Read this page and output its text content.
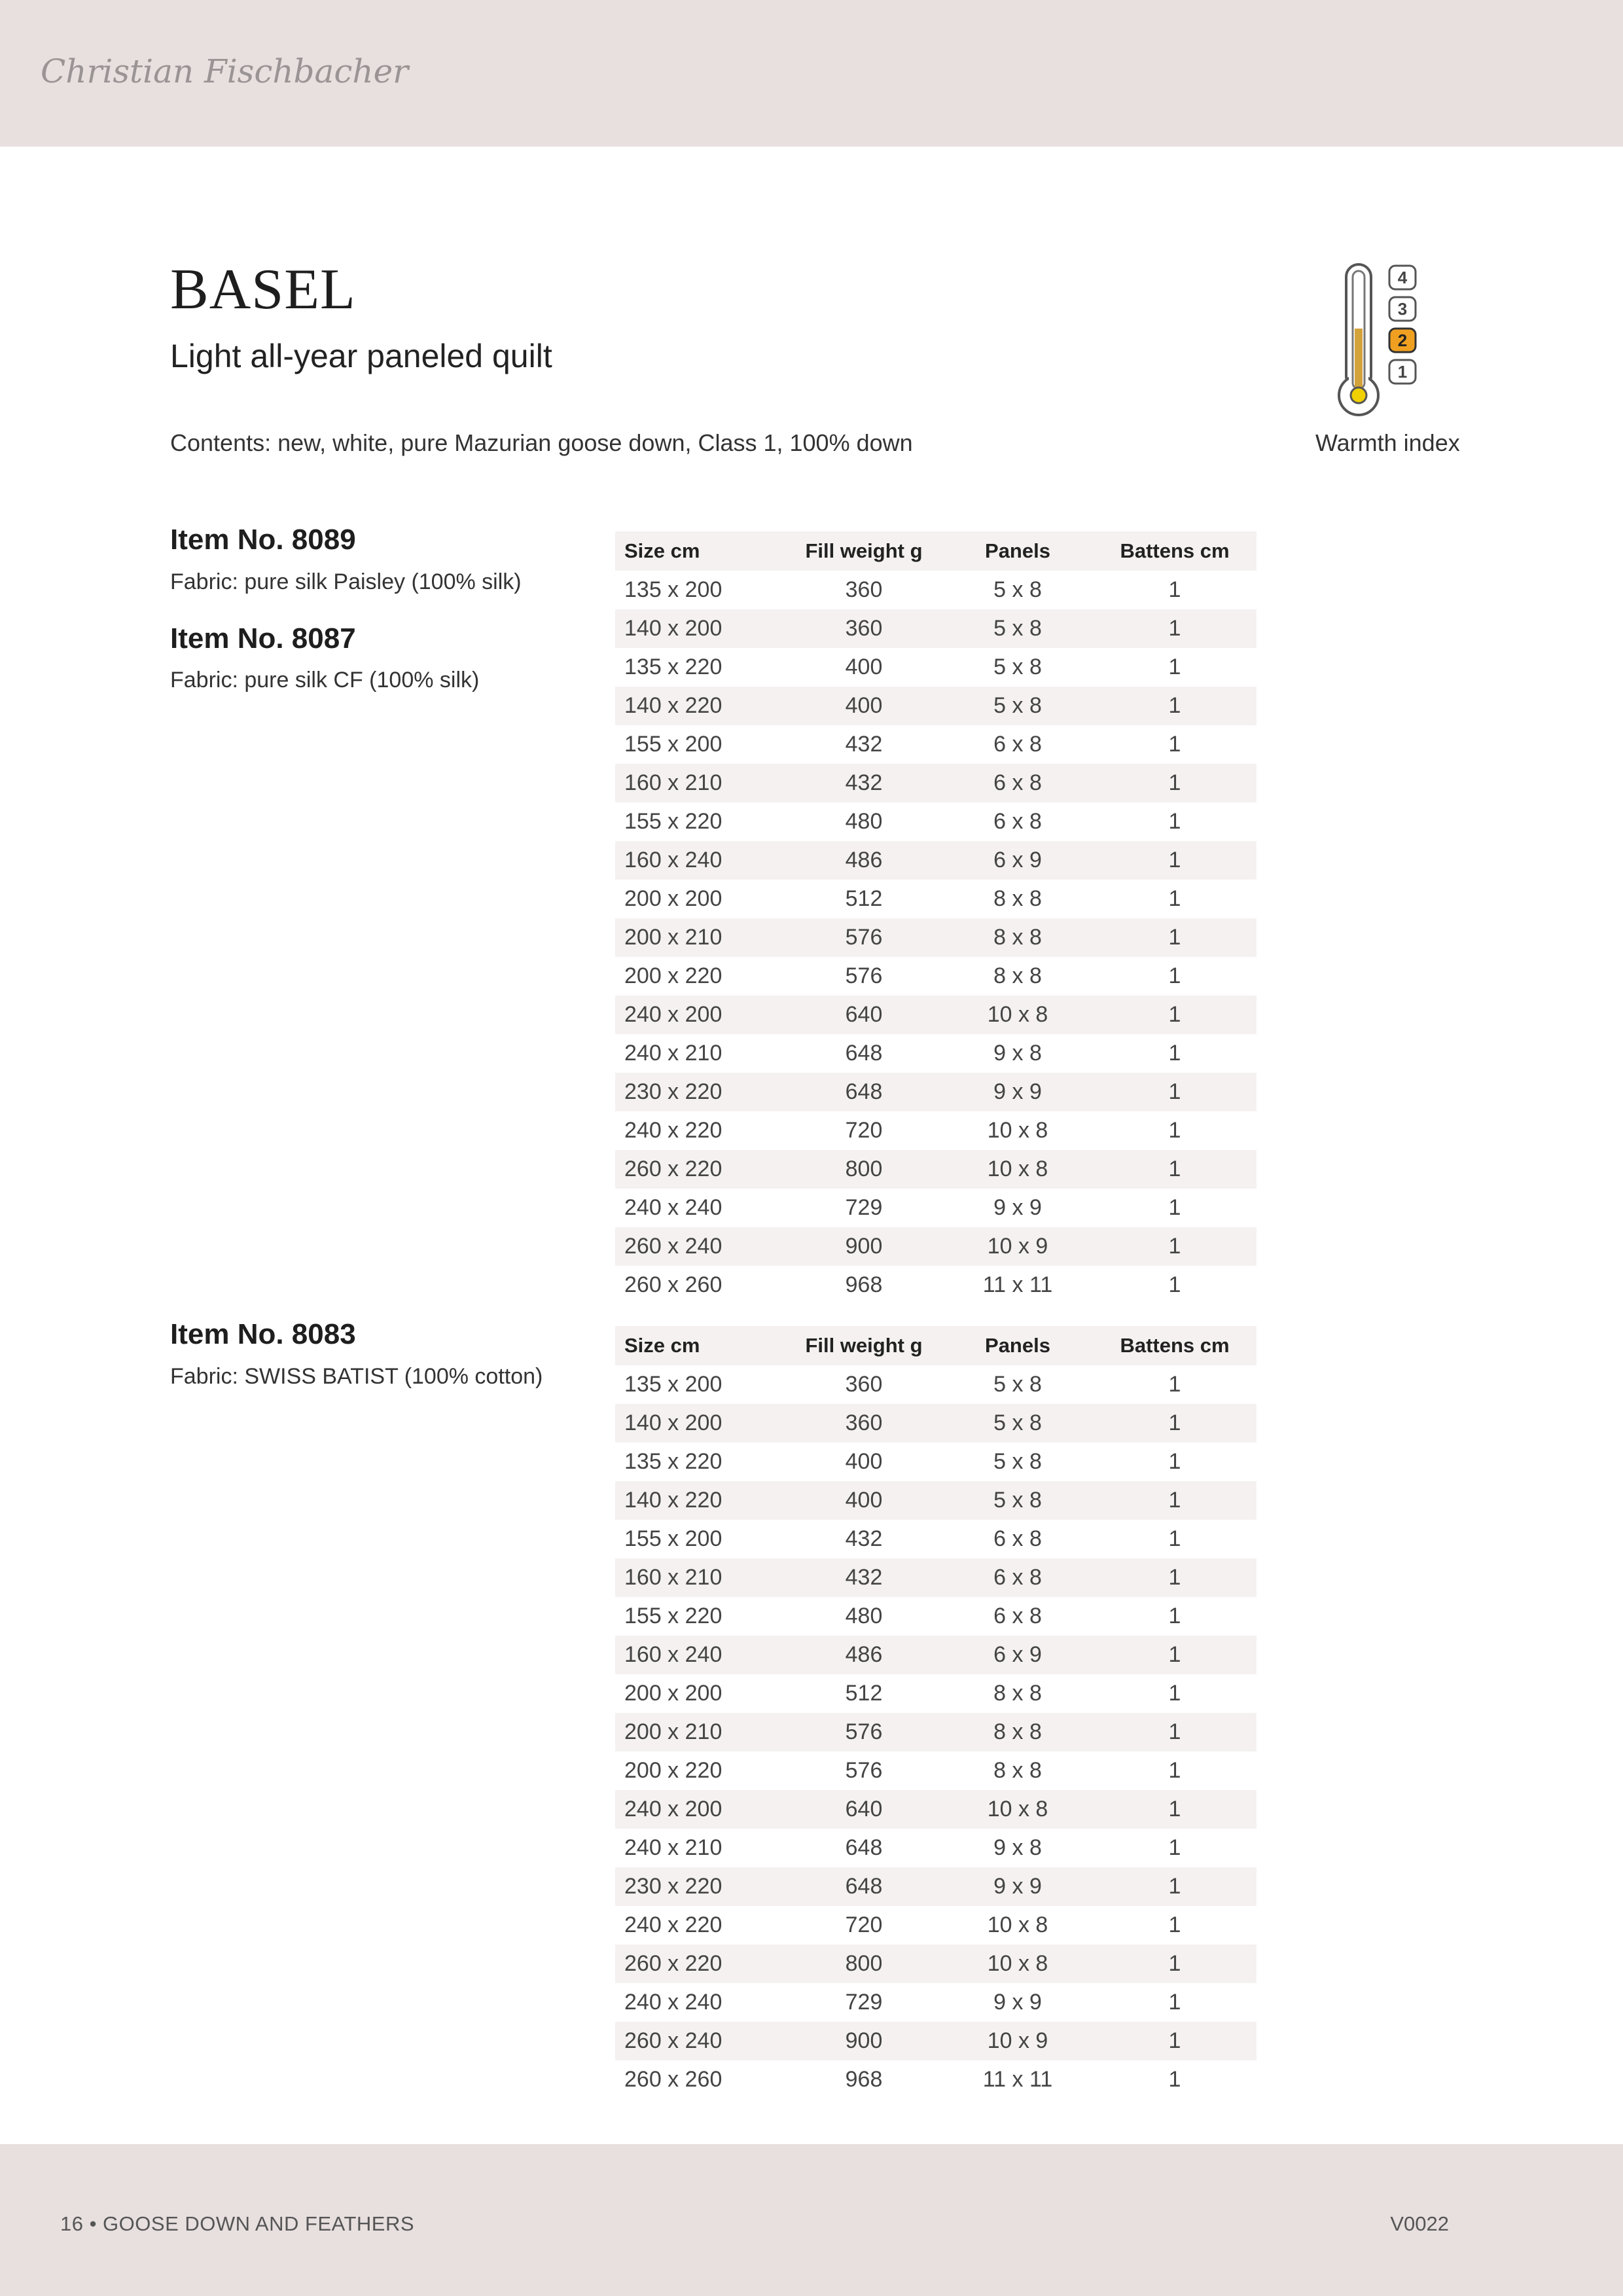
Christian Fischbacher
BASEL
Light all-year paneled quilt
Contents: new, white, pure Mazurian goose down, Class 1, 100% down
4
3
2
1
Warmth index
Item No. 8089
Fabric: pure silk Paisley (100% silk)
Item No. 8087
Fabric: pure silk CF (100% silk)
Item No. 8083
Fabric: SWISS BATIST (100% cotton)
Size cm	Fill weight g	Panels	Battens cm
135 x 200	360	5 x 8	1
140 x 200	360	5 x 8	1
135 x 220	400	5 x 8	1
140 x 220	400	5 x 8	1
155 x 200	432	6 x 8	1
160 x 210	432	6 x 8	1
155 x 220	480	6 x 8	1
160 x 240	486	6 x 9	1
200 x 200	512	8 x 8	1
200 x 210	576	8 x 8	1
200 x 220	576	8 x 8	1
240 x 200	640	10 x 8	1
240 x 210	648	9 x 8	1
230 x 220	648	9 x 9	1
240 x 220	720	10 x 8	1
260 x 220	800	10 x 8	1
240 x 240	729	9 x 9	1
260 x 240	900	10 x 9	1
260 x 260	968	11 x 11	1
Size cm	Fill weight g	Panels	Battens cm
135 x 200	360	5 x 8	1
140 x 200	360	5 x 8	1
135 x 220	400	5 x 8	1
140 x 220	400	5 x 8	1
155 x 200	432	6 x 8	1
160 x 210	432	6 x 8	1
155 x 220	480	6 x 8	1
160 x 240	486	6 x 9	1
200 x 200	512	8 x 8	1
200 x 210	576	8 x 8	1
200 x 220	576	8 x 8	1
240 x 200	640	10 x 8	1
240 x 210	648	9 x 8	1
230 x 220	648	9 x 9	1
240 x 220	720	10 x 8	1
260 x 220	800	10 x 8	1
240 x 240	729	9 x 9	1
260 x 240	900	10 x 9	1
260 x 260	968	11 x 11	1
16 • GOOSE DOWN AND FEATHERS	V0022
